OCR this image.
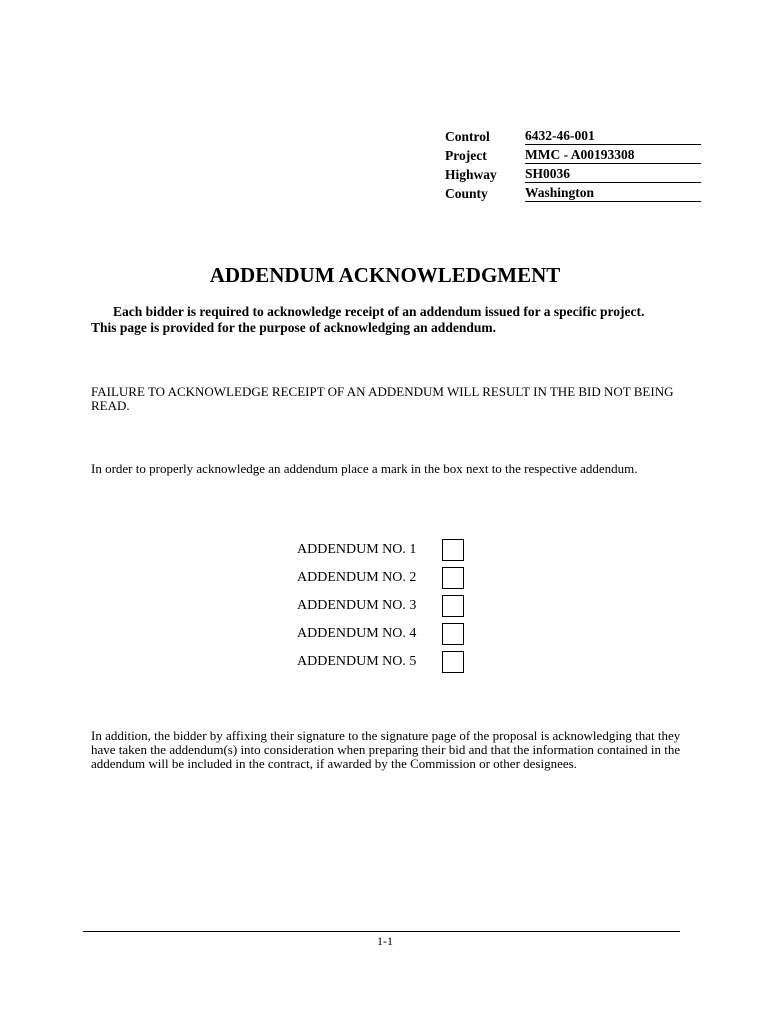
Control	6432-46-001
Project	MMC - A00193308
Highway	SH0036
County	Washington
ADDENDUM ACKNOWLEDGMENT
Each bidder is required to acknowledge receipt of an addendum issued for a specific project. This page is provided for the purpose of acknowledging an addendum.
FAILURE TO ACKNOWLEDGE RECEIPT OF AN ADDENDUM WILL RESULT IN THE BID NOT BEING READ.
In order to properly acknowledge an addendum place a mark in the box next to the respective addendum.
ADDENDUM NO. 1
ADDENDUM NO. 2
ADDENDUM NO. 3
ADDENDUM NO. 4
ADDENDUM NO. 5
In addition, the bidder by affixing their signature to the signature page of the proposal is acknowledging that they have taken the addendum(s) into consideration when preparing their bid and that the information contained in the addendum will be included in the contract, if awarded by the Commission or other designees.
1-1
